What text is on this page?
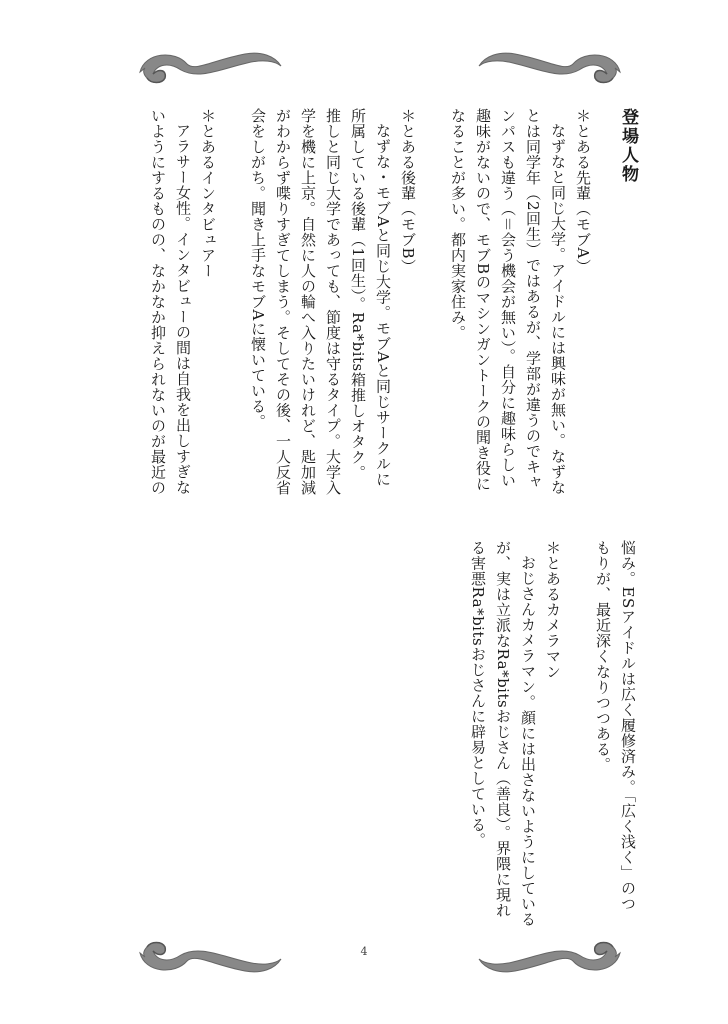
登場人物
＊とある先輩（モブA）
なずなと同じ大学。アイドルには興味が無い。なずな
とは同学年（2回生）ではあるが、学部が違うのでキャ
ンパスも違う（＝会う機会が無い）。自分に趣味らしい
趣味がないので、モブBのマシンガントークの聞き役に
なることが多い。都内実家住み。

＊とある後輩（モブB）
なずな・モブAと同じ大学。モブAと同じサークルに
所属している後輩（1回生）。Ra*bits箱推しオタク。
推しと同じ大学であっても、節度は守るタイプ。大学入
学を機に上京。自然に人の輪へ入りたいけれど、匙加減
がわからず喋りすぎてしまう。そしてその後、一人反省
会をしがち。聞き上手なモブAに懐いている。

＊とあるインタビュアー
アラサー女性。インタビューの間は自我を出しすぎな
いようにするものの、なかなか抑えられないのが最近の
悩み。ESアイドルは広く履修済み。「広く浅く」のつ
もりが、最近深くなりつつある。

＊とあるカメラマン
おじさんカメラマン。顔には出さないようにしている
が、実は立派なRa*bitsおじさん（善良）。界隈に現れ
る害悪Ra*bitsおじさんに辟易としている。
4
